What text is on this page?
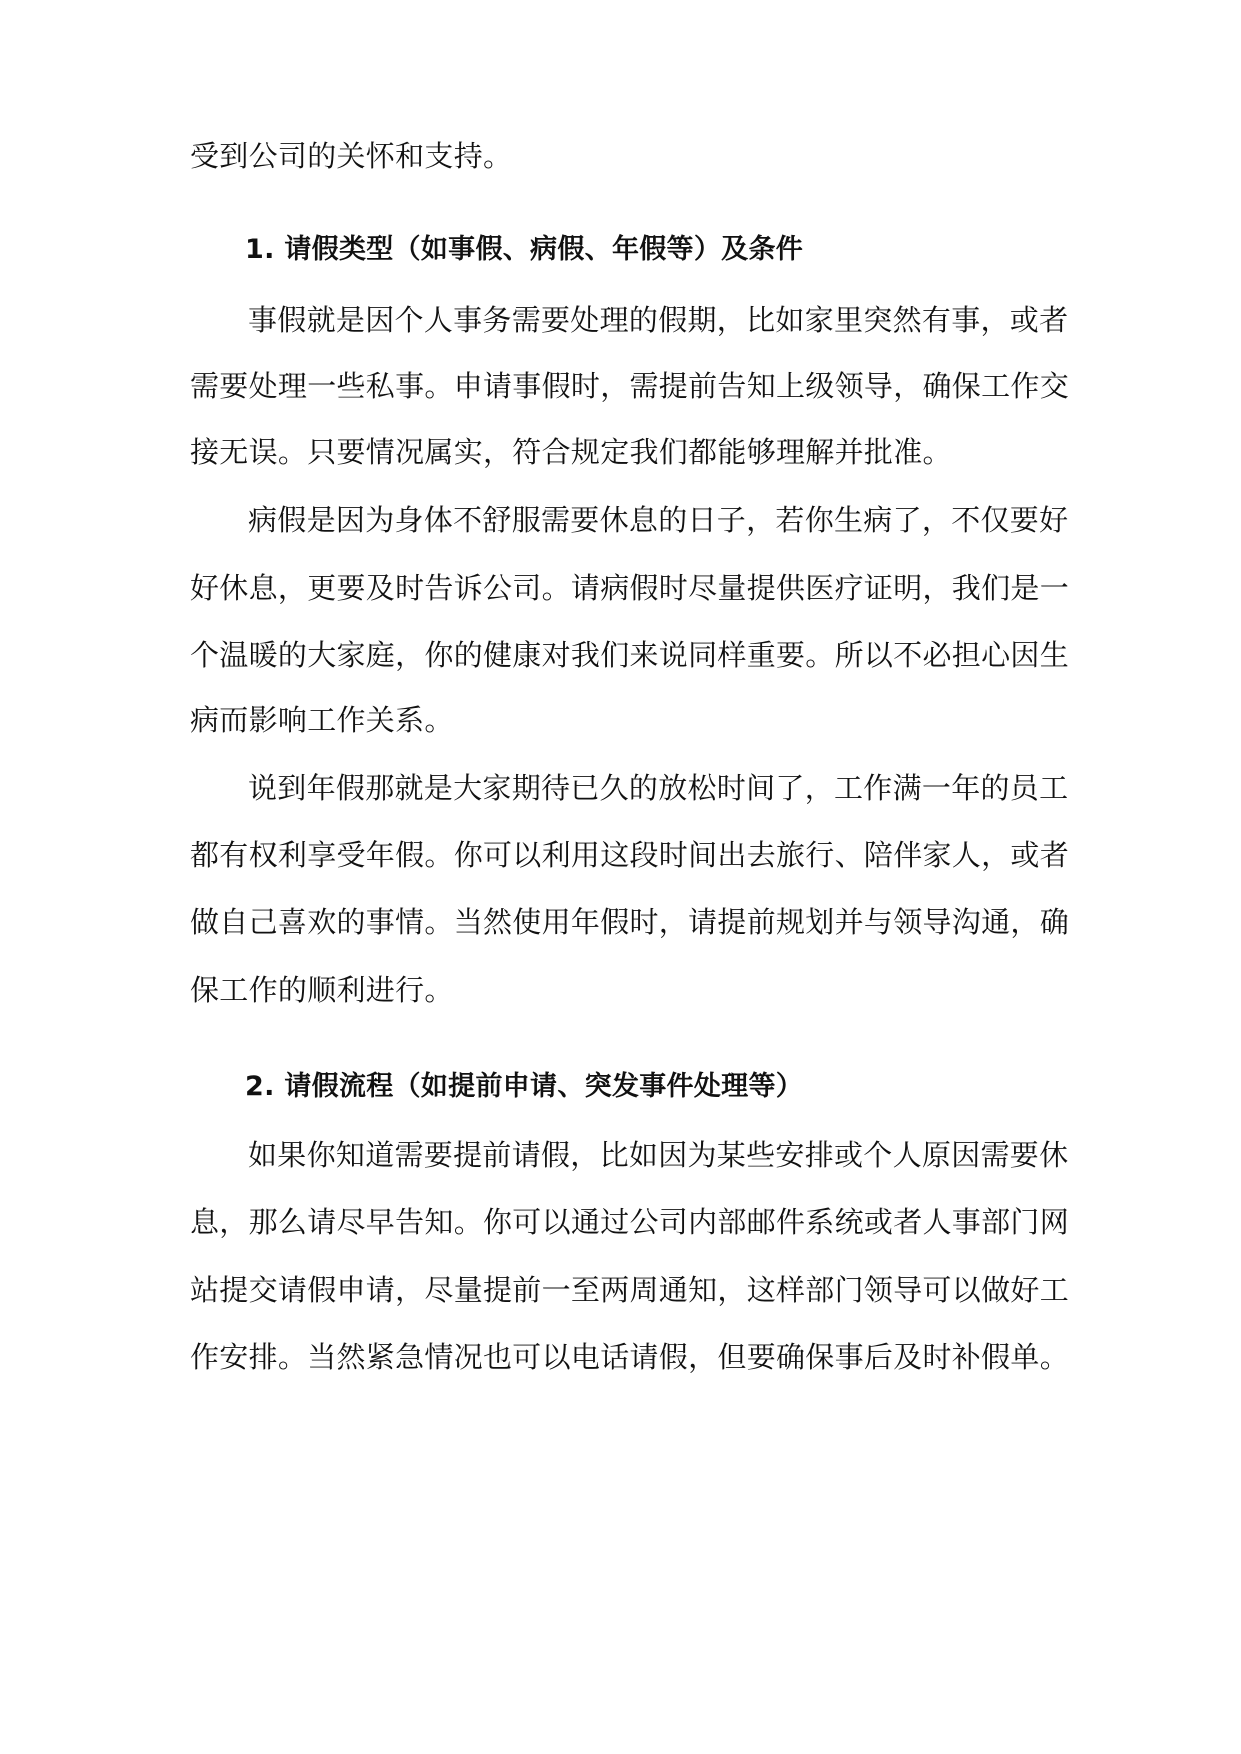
受到公司的关怀和支持。
1. 请假类型（如事假、病假、年假等）及条件
事假就是因个人事务需要处理的假期，比如家里突然有事，或者
需要处理一些私事。申请事假时，需提前告知上级领导，确保工作交
接无误。只要情况属实，符合规定我们都能够理解并批准。
病假是因为身体不舒服需要休息的日子，若你生病了，不仅要好
好休息，更要及时告诉公司。请病假时尽量提供医疗证明，我们是一
个温暖的大家庭，你的健康对我们来说同样重要。所以不必担心因生
病而影响工作关系。
说到年假那就是大家期待已久的放松时间了，工作满一年的员工
都有权利享受年假。你可以利用这段时间出去旅行、陪伴家人，或者
做自己喜欢的事情。当然使用年假时，请提前规划并与领导沟通，确
保工作的顺利进行。
2. 请假流程（如提前申请、突发事件处理等）
如果你知道需要提前请假，比如因为某些安排或个人原因需要休
息，那么请尽早告知。你可以通过公司内部邮件系统或者人事部门网
站提交请假申请，尽量提前一至两周通知，这样部门领导可以做好工
作安排。当然紧急情况也可以电话请假，但要确保事后及时补假单。
